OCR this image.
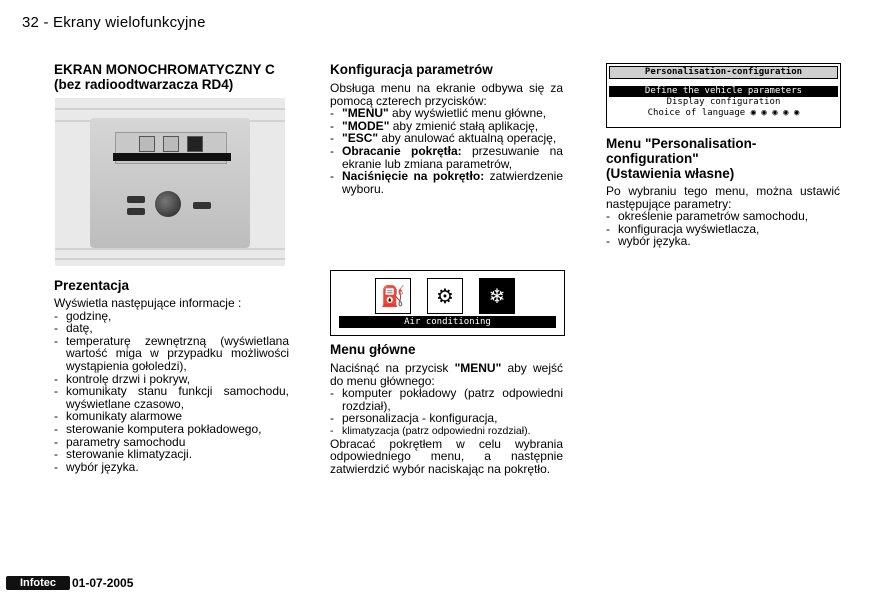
32 - Ekrany wielofunkcyjne
EKRAN MONOCHROMATYCZNY C
(bez radioodtwarzacza RD4)
Prezentacja

Wyświetla następujące informacje :

- godzinę,
- datę,
- temperaturę zewnętrzną (wyświetlana wartość miga w przypadku możliwości wystąpienia gołoledzi),
- kontrolę drzwi i pokryw,
- komunikaty stanu funkcji samochodu, wyświetlane czasowo,
- komunikaty alarmowe
- sterowanie komputera pokładowego,
- parametry samochodu
- sterowanie klimatyzacji.
- wybór języka.
Konfiguracja parametrów

Obsługa menu na ekranie odbywa się za pomocą czterech przycisków:

- "MENU" aby wyświetlić menu główne,
- "MODE" aby zmienić stałą aplikację,
- "ESC" aby anulować aktualną operację,
- Obracanie pokrętła: przesuwanie na ekranie lub zmiana parametrów,
- Naciśnięcie na pokrętło: zatwierdzenie wyboru.
⛽	⚙	❄
Air conditioning
Menu główne

Naciśnąć na przycisk "MENU" aby wejść do menu głównego:

- komputer pokładowy (patrz odpowiedni rozdział),
- personalizacja - konfiguracja,
- klimatyzacja (patrz odpowiedni rozdział).

Obracać pokrętłem w celu wybrania odpowiedniego menu, a następnie zatwierdzić wybór naciskając na pokrętło.

Personalisation-configuration
Define the vehicle parameters
Display configuration
Choice of language ◉ ◉ ◉ ◉ ◉
Menu "Personalisation-
configuration"
(Ustawienia własne)

Po wybraniu tego menu, można ustawić następujące parametry:

- określenie parametrów samochodu,
- konfiguracja wyświetlacza,
- wybór języka.
Infotec	01-07-2005
